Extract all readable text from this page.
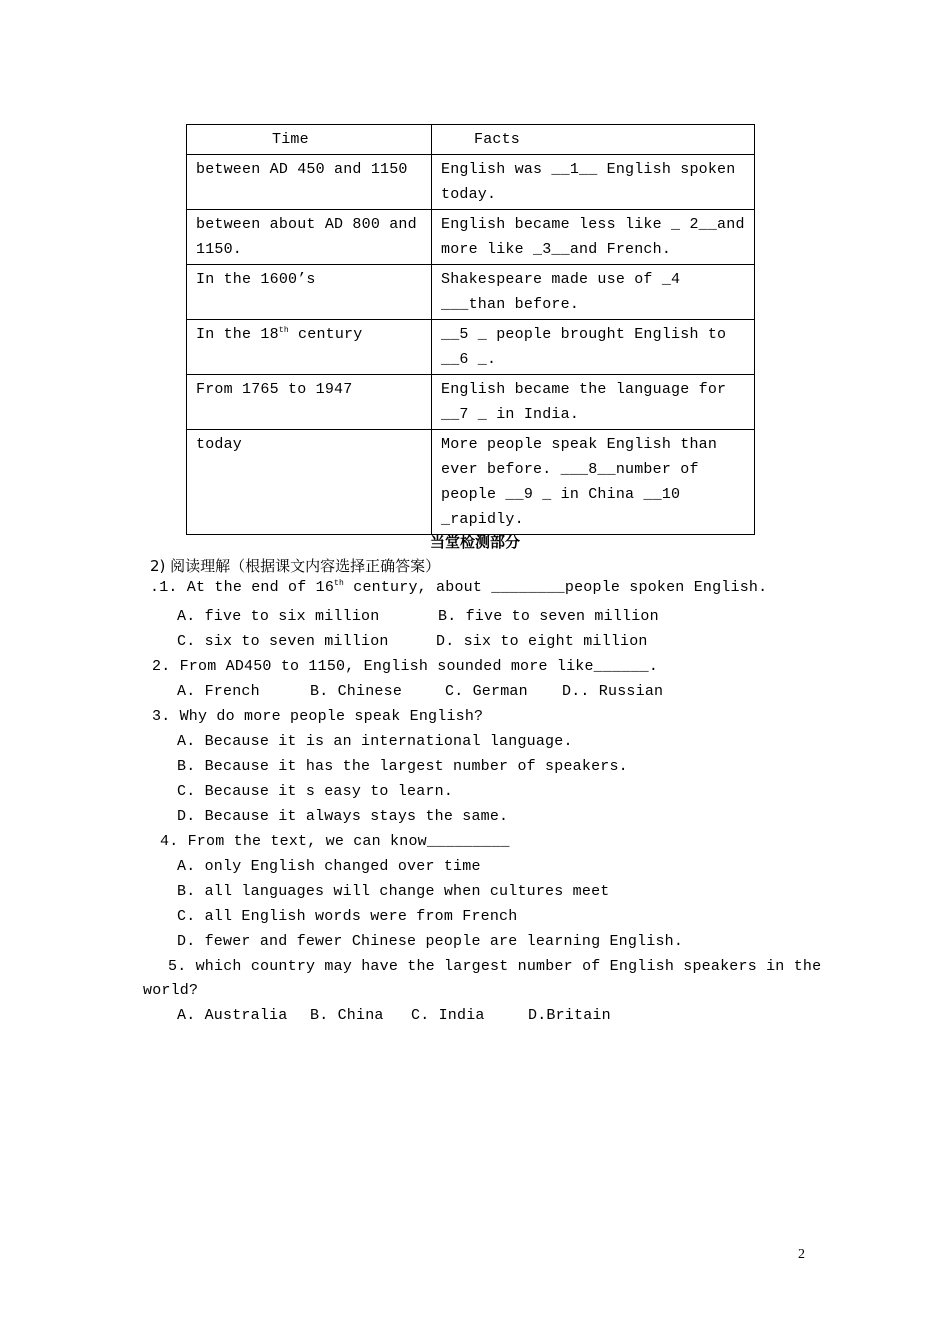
Time	Facts
between AD 450 and 1150	English was __1__ English spoken today.
between about AD 800 and 1150.	English became less like _ 2__and more like _3__and French.
In the 1600’s	Shakespeare made use of _4 ___than before.
In the 18th century	__5 _ people brought English to __6 _.
From 1765 to 1947	English became the language for __7 _ in India.
today	More people speak English than ever before. ___8__number of people __9 _ in China __10 _rapidly.
当堂检测部分
2) 阅读理解（根据课文内容选择正确答案）
.1. At the end of 16th century, about ________people spoken English.
A. five to six million	B. five to seven million
C. six to seven million	D. six to eight million
2. From AD450 to 1150, English sounded more like______.
A. French	B. Chinese	C. German D.. Russian
3. Why do more people speak English?
A. Because it is an international language.
B. Because it has the largest number of speakers.
C. Because it s easy to learn.
D. Because it always stays the same.
4. From the text, we can know_________
A. only English changed over time
B. all languages will change when cultures meet
C. all English words were from French
D. fewer and fewer Chinese people are learning English.
5. which country may have the largest number of English speakers in the
world?
A. Australia B. China C. India	D.Britain
2
